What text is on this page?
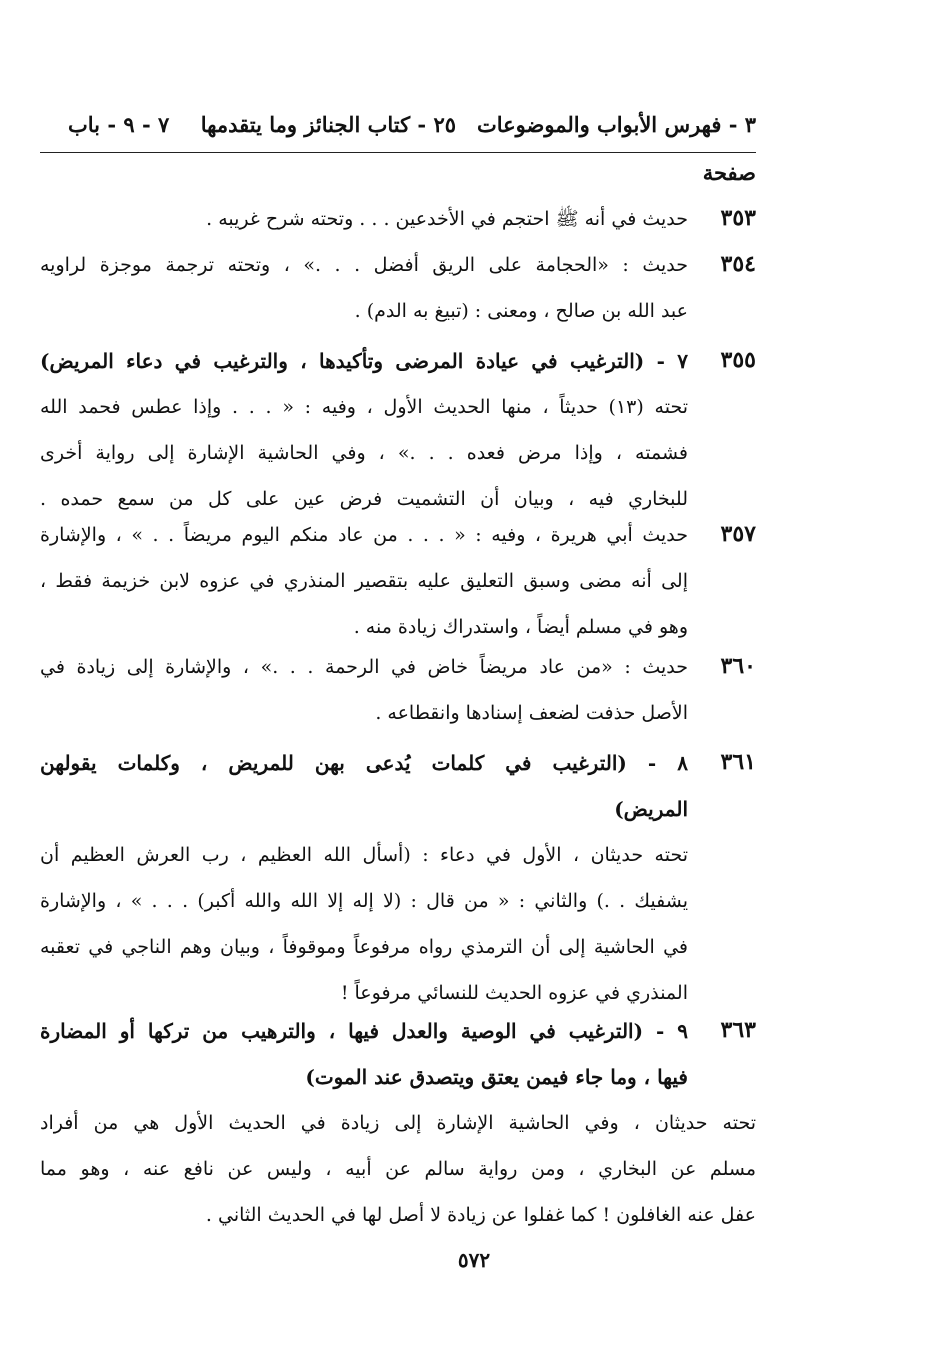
٣ - فهرس الأبواب والموضوعات
٢٥ - كتاب الجنائز وما يتقدمها
٧ - ٩ - باب
صفحة
٣٥٣
حديث في أنه ﷺ احتجم في الأخدعين . . . وتحته شرح غريبه .
٣٥٤
حديث : «الحجامة على الريق أفضل . . .» ، وتحته ترجمة موجزة لراويه
عبد الله بن صالح ، ومعنى : (تبيغ به الدم) .
٣٥٥
٧ - (الترغيب في عيادة المرضى وتأكيدها ، والترغيب في دعاء المريض)
تحته (١٣) حديثاً ، منها الحديث الأول ، وفيه : « . . . وإذا عطس فحمد الله
فشمته ، وإذا مرض فعده . . .» ، وفي الحاشية الإشارة إلى رواية أخرى
للبخاري فيه ، وبيان أن التشميت فرض عين على كل من سمع حمده .
٣٥٧
حديث أبي هريرة ، وفيه : « . . . من عاد منكم اليوم مريضاً . . » ، والإشارة
إلى أنه مضى وسبق التعليق عليه بتقصير المنذري في عزوه لابن خزيمة فقط ،
وهو في مسلم أيضاً ، واستدراك زيادة منه .
٣٦٠
حديث : «من عاد مريضاً خاض في الرحمة . . .» ، والإشارة إلى زيادة في
الأصل حذفت لضعف إسنادها وانقطاعه .
٣٦١
٨ - (الترغيب في كلمات يُدعى بهن للمريض ، وكلمات يقولهن
المريض)
تحته حديثان ، الأول في دعاء : (أسأل الله العظيم ، رب العرش العظيم أن
يشفيك . .) والثاني : « من قال : (لا إله إلا الله والله أكبر) . . . » ، والإشارة
في الحاشية إلى أن الترمذي رواه مرفوعاً وموقوفاً ، وبيان وهم الناجي في تعقبه
المنذري في عزوه الحديث للنسائي مرفوعاً !
٣٦٣
٩ - (الترغيب في الوصية والعدل فيها ، والترهيب من تركها أو المضارة
فيها ، وما جاء فيمن يعتق ويتصدق عند الموت)
تحته حديثان ، وفي الحاشية الإشارة إلى زيادة في الحديث الأول هي من أفراد
مسلم عن البخاري ، ومن رواية سالم عن أبيه ، وليس عن نافع عنه ، وهو مما
عفل عنه الغافلون ! كما غفلوا عن زيادة لا أصل لها في الحديث الثاني .
٥٧٢
